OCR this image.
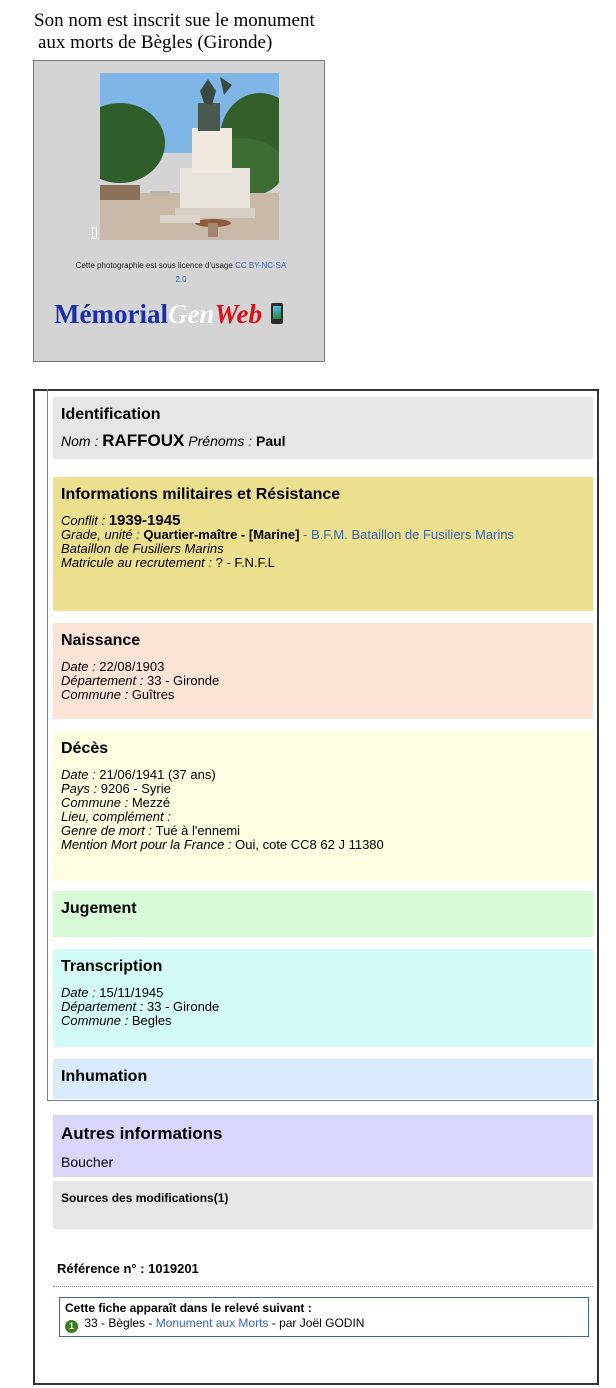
Son nom est inscrit sue le monument
aux morts de Bègles (Gironde)
Cette photographie est sous licence d'usage CC BY-NC-SA
2.0
MémorialGenWeb
Identification
Nom : RAFFOUX Prénoms : Paul
Informations militaires et Résistance
Conflit : 1939-1945
Grade, unité : Quartier-maître - [Marine] - B.F.M. Bataillon de Fusiliers Marins
Bataillon de Fusiliers Marins
Matricule au recrutement : ? - F.N.F.L
Naissance
Date : 22/08/1903
Département : 33 - Gironde
Commune : Guîtres
Décès
Date : 21/06/1941 (37 ans)
Pays : 9206 - Syrie
Commune : Mezzé
Lieu, complément :
Genre de mort : Tué à l'ennemi
Mention Mort pour la France : Oui, cote CC8 62 J 11380
Jugement
Transcription
Date : 15/11/1945
Département : 33 - Gironde
Commune : Begles
Inhumation
Autres informations
Boucher
Sources des modifications(1)
Référence n° : 1019201
Cette fiche apparaît dans le relevé suivant :
1 33 - Bègles - Monument aux Morts - par Joël GODIN
